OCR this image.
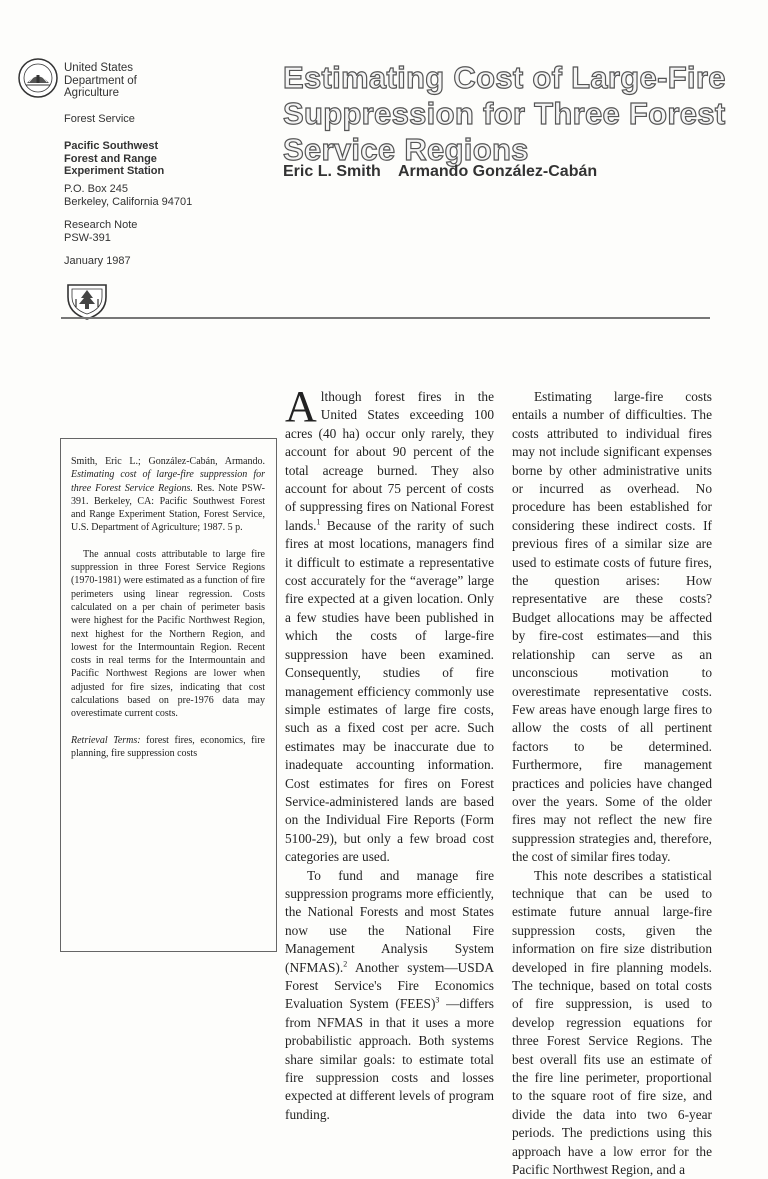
United States
Department of
Agriculture
Forest Service
Pacific Southwest
Forest and Range
Experiment Station
P.O. Box 245
Berkeley, California 94701
Research Note
PSW-391
January 1987
Estimating Cost of Large-Fire Suppression for Three Forest Service Regions
Eric L. Smith Armando González-Cabán

Smith, Eric L.; González-Cabán, Armando. Estimating cost of large-fire suppression for three Forest Service Regions. Res. Note PSW-391. Berkeley, CA: Pacific Southwest Forest and Range Experiment Station, Forest Service, U.S. Department of Agriculture; 1987. 5 p.

The annual costs attributable to large fire suppression in three Forest Service Regions (1970-1981) were estimated as a function of fire perimeters using linear regression. Costs calculated on a per chain of perimeter basis were highest for the Pacific Northwest Region, next highest for the Northern Region, and lowest for the Intermountain Region. Recent costs in real terms for the Intermountain and Pacific Northwest Regions are lower when adjusted for fire sizes, indicating that cost calculations based on pre-1976 data may overestimate current costs.

Retrieval Terms: forest fires, economics, fire planning, fire suppression costs

Although forest fires in the United States exceeding 100 acres (40 ha) occur only rarely, they account for about 90 percent of the total acreage burned. They also account for about 75 percent of costs of suppressing fires on National Forest lands.$^1$ Because of the rarity of such fires at most locations, managers find it difficult to estimate a representative cost accurately for the “average” large fire expected at a given location. Only a few studies have been published in which the costs of large-fire suppression have been examined. Consequently, studies of fire management efficiency commonly use simple estimates of large fire costs, such as a fixed cost per acre. Such estimates may be inaccurate due to inadequate accounting information. Cost estimates for fires on Forest Service-administered lands are based on the Individual Fire Reports (Form 5100-29), but only a few broad cost categories are used.

To fund and manage fire suppression programs more efficiently, the National Forests and most States now use the National Fire Management Analysis System (NFMAS).$^2$ Another system—USDA Forest Service's Fire Economics Evaluation System (FEES)$^3$ —differs from NFMAS in that it uses a more probabilistic approach. Both systems share similar goals: to estimate total fire suppression costs and losses expected at different levels of program funding.

Estimating large-fire costs entails a number of difficulties. The costs attributed to individual fires may not include significant expenses borne by other administrative units or incurred as overhead. No procedure has been established for considering these indirect costs. If previous fires of a similar size are used to estimate costs of future fires, the question arises: How representative are these costs? Budget allocations may be affected by fire-cost estimates—and this relationship can serve as an unconscious motivation to overestimate representative costs. Few areas have enough large fires to allow the costs of all pertinent factors to be determined. Furthermore, fire management practices and policies have changed over the years. Some of the older fires may not reflect the new fire suppression strategies and, therefore, the cost of similar fires today.

This note describes a statistical technique that can be used to estimate future annual large-fire suppression costs, given the information on fire size distribution developed in fire planning models. The technique, based on total costs of fire suppression, is used to develop regression equations for three Forest Service Regions. The best overall fits use an estimate of the fire line perimeter, proportional to the square root of fire size, and divide the data into two 6-year periods. The predictions using this approach have a low error for the Pacific Northwest Region, and a
